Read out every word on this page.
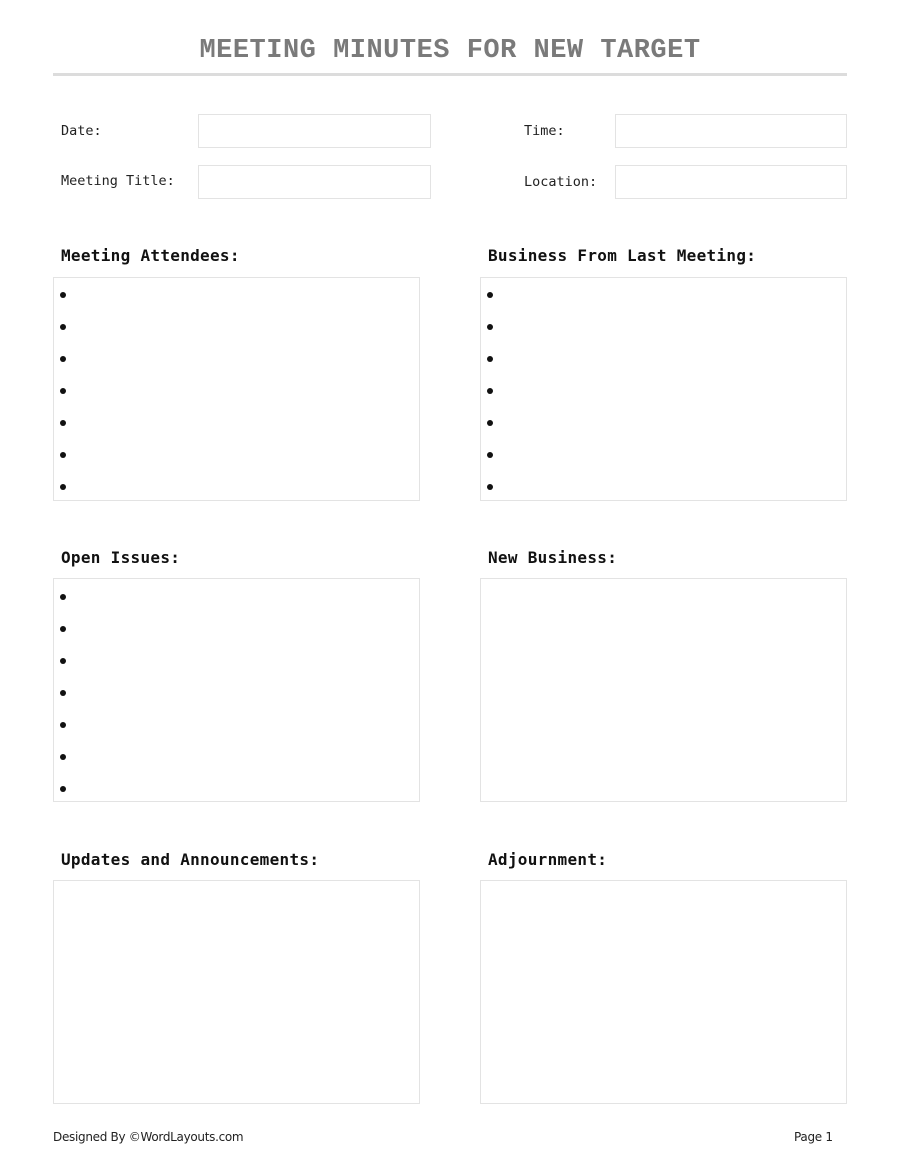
MEETING MINUTES FOR NEW TARGET
Date:	Time:
Meeting Title:	Location:
Meeting Attendees:	Business From Last Meeting:
Open Issues:	New Business:
Updates and Announcements:	Adjournment:
Designed By ©WordLayouts.com	Page 1
